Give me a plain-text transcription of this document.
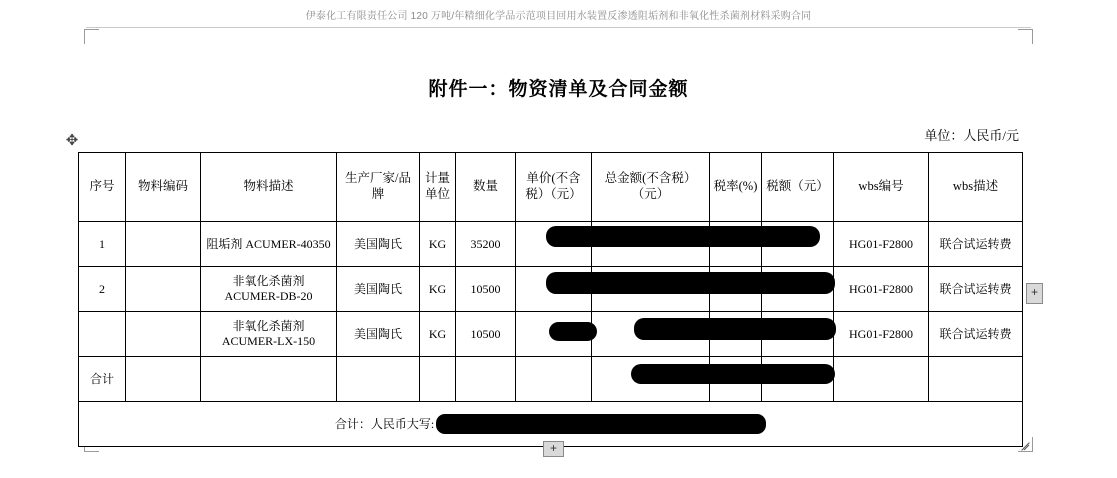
伊泰化工有限责任公司 120 万吨/年精细化学品示范项目回用水装置反渗透阻垢剂和非氧化性杀菌剂材料采购合同
附件一：物资清单及合同金额
单位：人民币/元
✥
序号	物料编码	物料描述	生产厂家/品牌	计量单位	数量	单价(不含税）（元）	总金额(不含税）（元）	税率(%)	税额（元）	wbs编号	wbs描述
1		阻垢剂 ACUMER-40350	美国陶氏	KG	35200					HG01-F2800	联合试运转费
2		非氧化杀菌剂 ACUMER-DB-20	美国陶氏	KG	10500					HG01-F2800	联合试运转费
		非氧化杀菌剂 ACUMER-LX-150	美国陶氏	KG	10500					HG01-F2800	联合试运转费
合计											

合计：人民币大写:											
+
+
